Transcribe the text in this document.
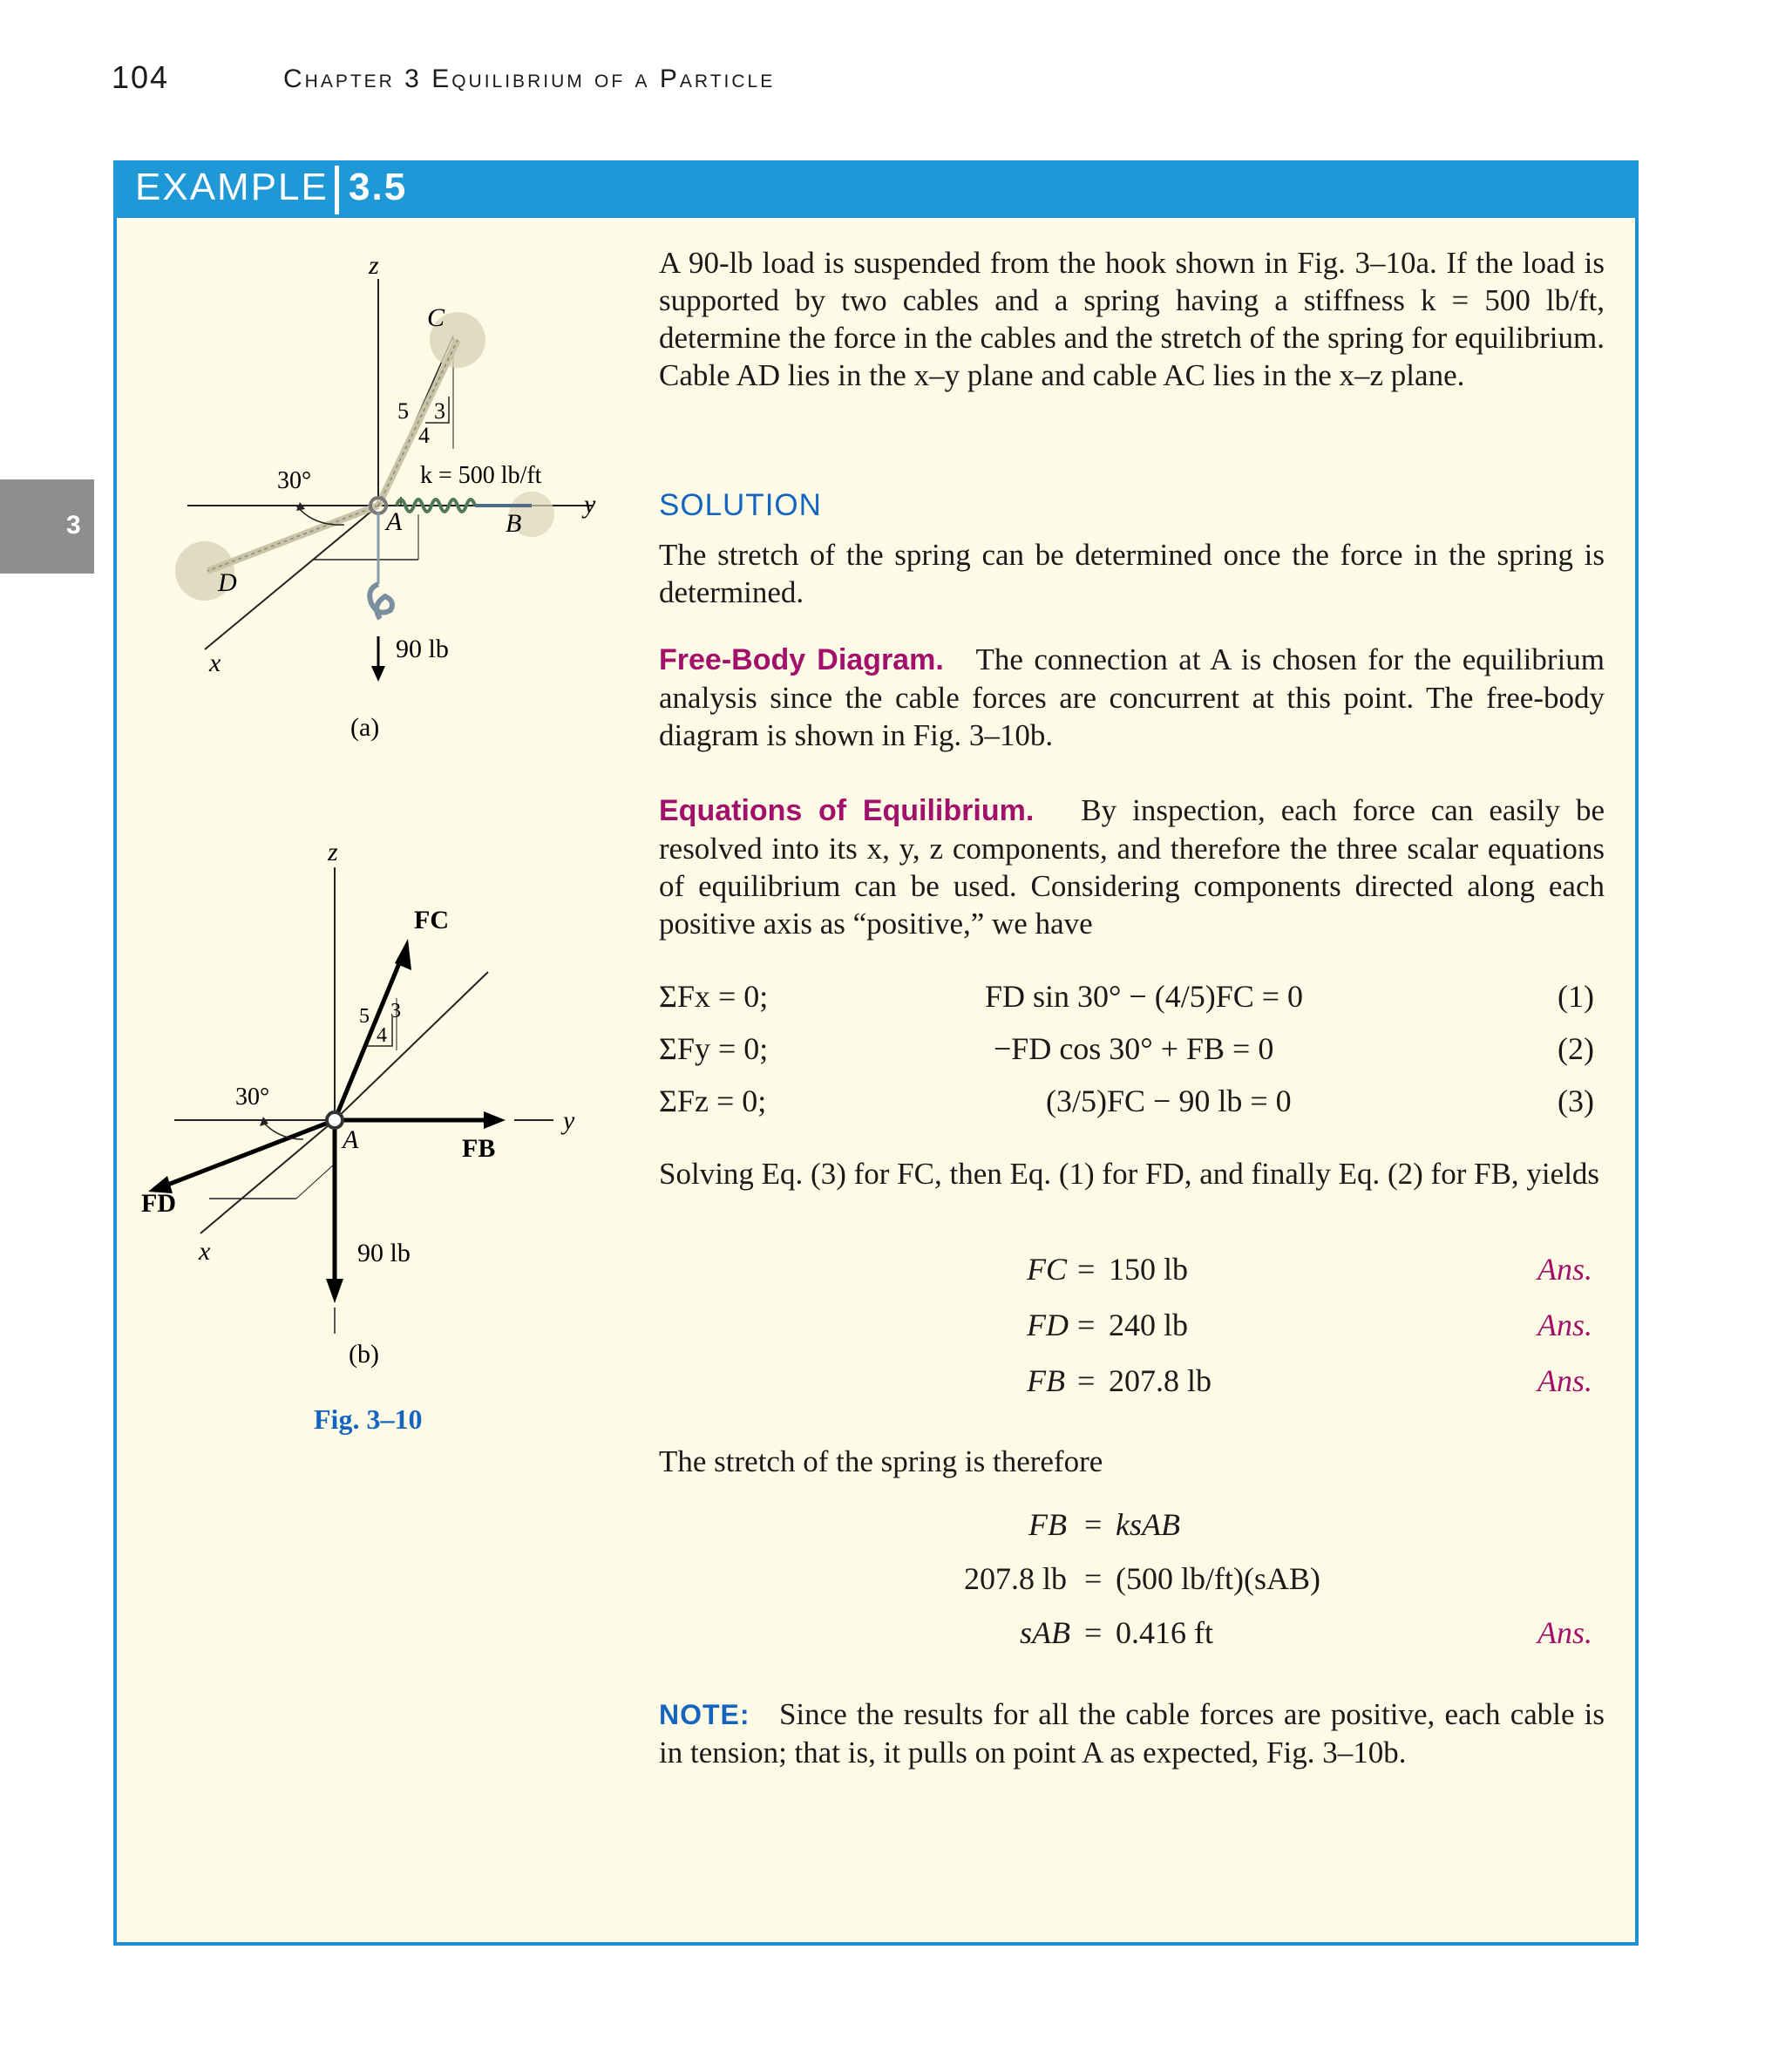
104	Chapter 3 Equilibrium of a Particle
3
EXAMPLE 3.5
z
y
x
C
A	B
D
30°	k = 500 lb/ft
5 3
4
90 lb
(a)
z
y
x
A
FC
FB
FD
30°
5 3
4
90 lb
(b)
Fig. 3–10
A 90-lb load is suspended from the hook shown in Fig. 3–10a. If the load is supported by two cables and a spring having a stiffness k = 500 lb/ft, determine the force in the cables and the stretch of the spring for equilibrium. Cable AD lies in the x–y plane and cable AC lies in the x–z plane.
SOLUTION
The stretch of the spring can be determined once the force in the spring is determined.
Free-Body Diagram. The connection at A is chosen for the equilibrium analysis since the cable forces are concurrent at this point. The free-body diagram is shown in Fig. 3–10b.
Equations of Equilibrium. By inspection, each force can easily be resolved into its x, y, z components, and therefore the three scalar equations of equilibrium can be used. Considering components directed along each positive axis as “positive,” we have
ΣFx = 0;	FD sin 30° − (4/5)FC = 0	(1)
ΣFy = 0;	−FD cos 30° + FB = 0	(2)
ΣFz = 0;	(3/5)FC − 90 lb = 0	(3)
Solving Eq. (3) for FC, then Eq. (1) for FD, and finally Eq. (2) for FB, yields
FC = 150 lb	Ans.
FD = 240 lb	Ans.
FB = 207.8 lb	Ans.
The stretch of the spring is therefore
FB = ksAB
207.8 lb = (500 lb/ft)(sAB)
sAB = 0.416 ft	Ans.
NOTE: Since the results for all the cable forces are positive, each cable is in tension; that is, it pulls on point A as expected, Fig. 3–10b.
